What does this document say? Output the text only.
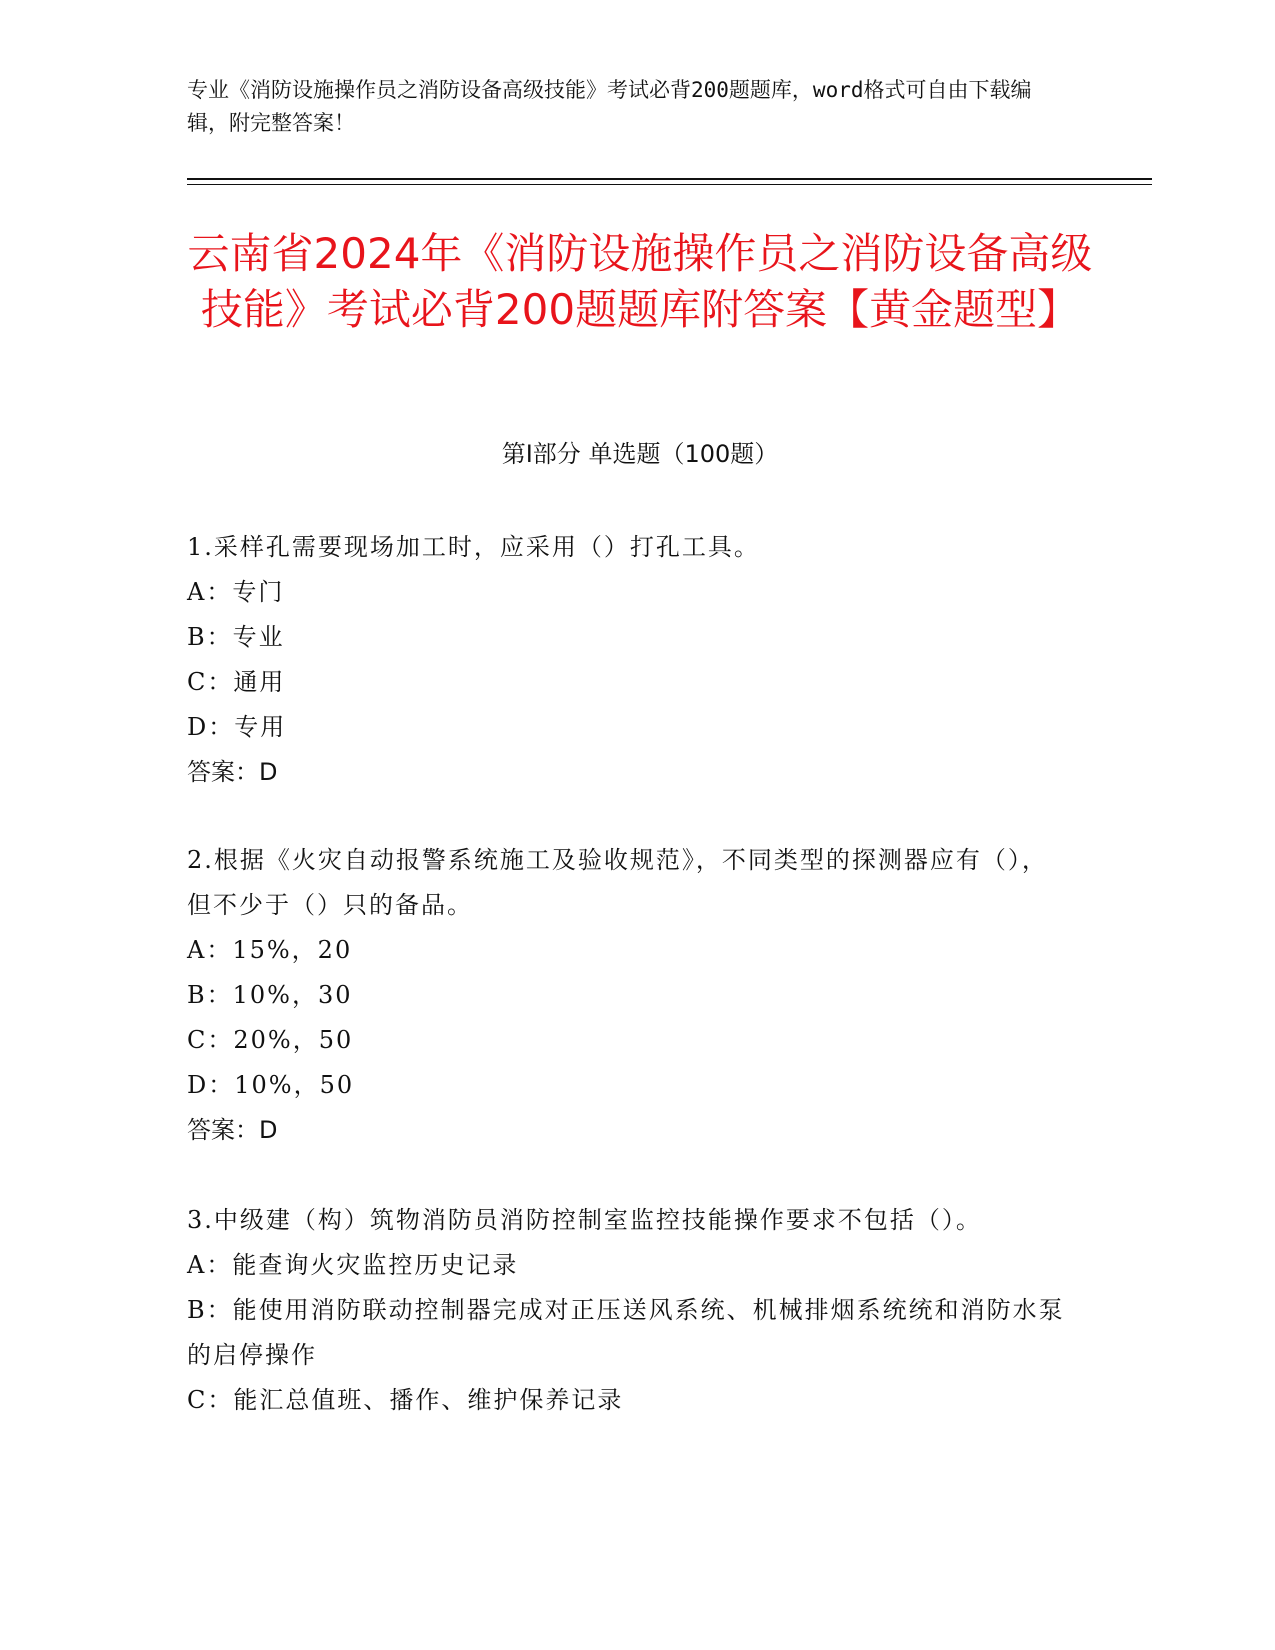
专业《消防设施操作员之消防设备高级技能》考试必背200题题库，word格式可自由下载编辑，附完整答案！
云南省2024年《消防设施操作员之消防设备高级技能》考试必背200题题库附答案【黄金题型】
第I部分 单选题（100题）
1.采样孔需要现场加工时，应采用（）打孔工具。
A：专门
B：专业
C：通用
D：专用
答案：D
2.根据《火灾自动报警系统施工及验收规范》，不同类型的探测器应有（），但不少于（）只的备品。
A：15%，20
B：10%，30
C：20%，50
D：10%，50
答案：D
3.中级建（构）筑物消防员消防控制室监控技能操作要求不包括（）。
A：能查询火灾监控历史记录
B：能使用消防联动控制器完成对正压送风系统、机械排烟系统统和消防水泵的启停操作
C：能汇总值班、播作、维护保养记录
